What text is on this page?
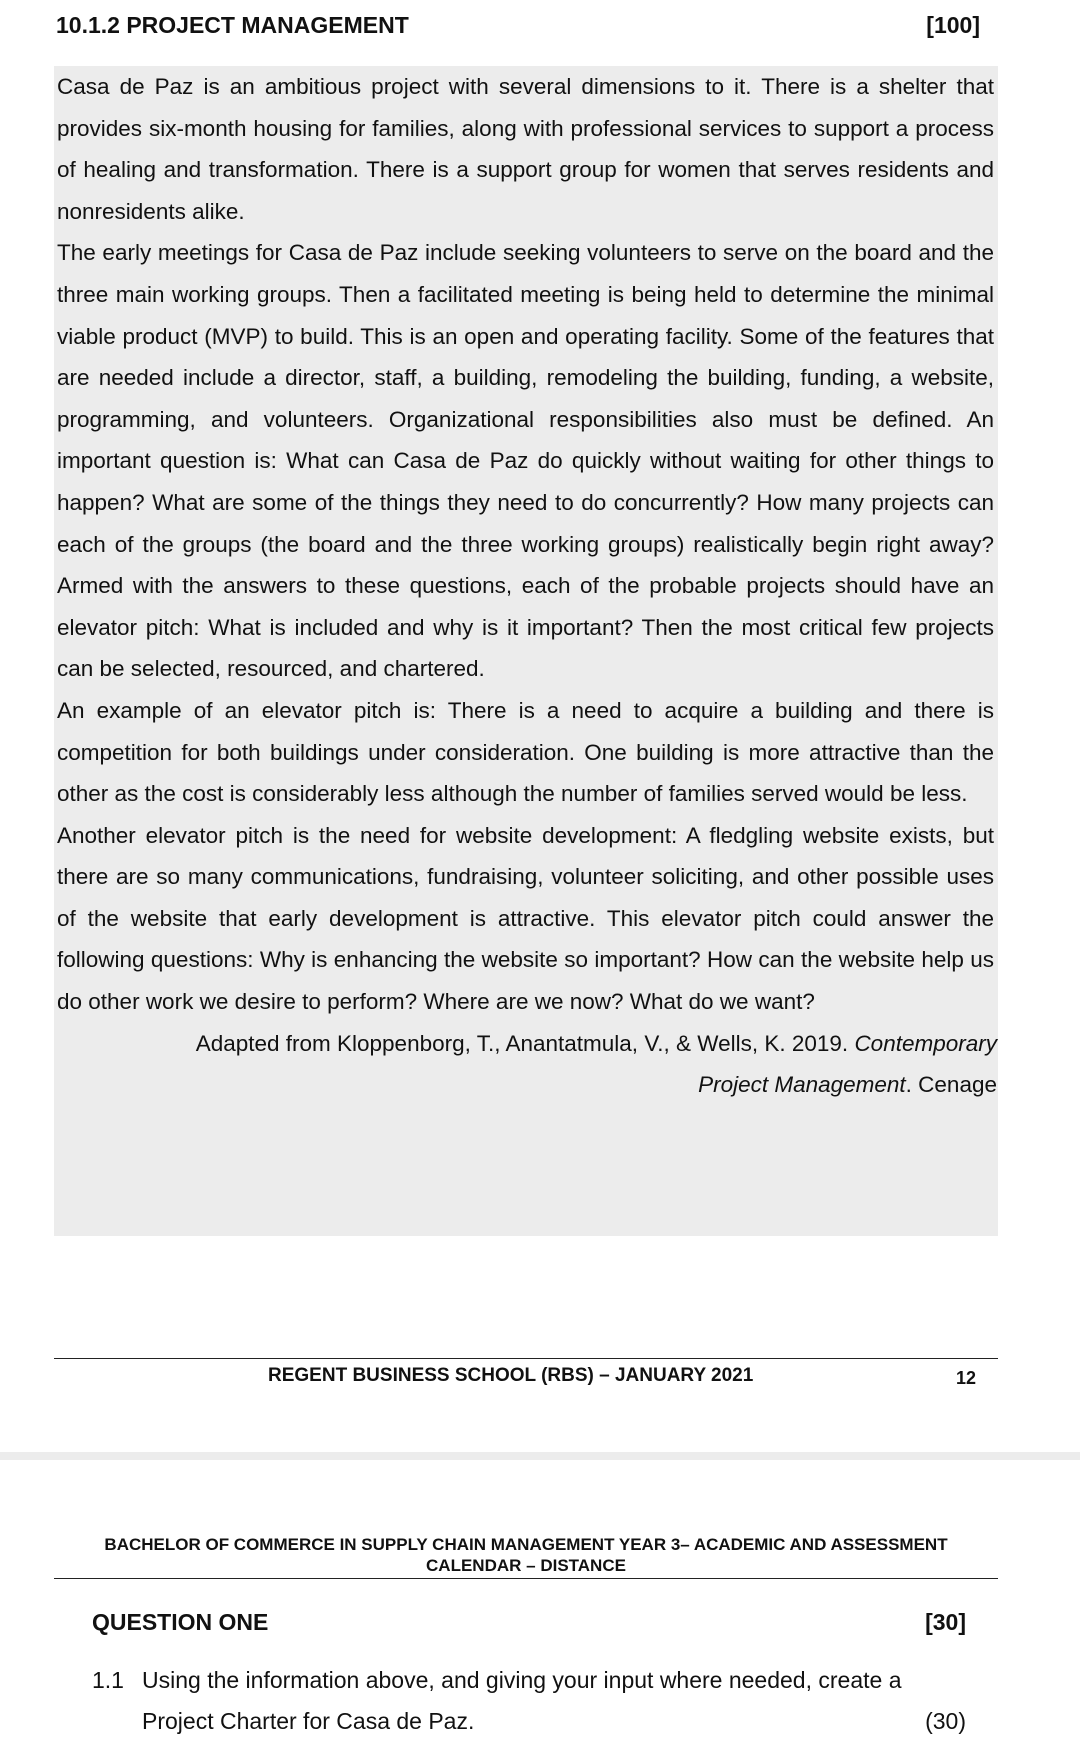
10.1.2 PROJECT MANAGEMENT	[100]

Casa de Paz is an ambitious project with several dimensions to it. There is a shelter that provides six-month housing for families, along with professional services to support a process of healing and transformation. There is a support group for women that serves residents and nonresidents alike.

The early meetings for Casa de Paz include seeking volunteers to serve on the board and the three main working groups. Then a facilitated meeting is being held to determine the minimal viable product (MVP) to build. This is an open and operating facility. Some of the features that are needed include a director, staff, a building, remodeling the building, funding, a website, programming, and volunteers. Organizational responsibilities also must be defined. An important question is: What can Casa de Paz do quickly without waiting for other things to happen? What are some of the things they need to do concurrently? How many projects can each of the groups (the board and the three working groups) realistically begin right away? Armed with the answers to these questions, each of the probable projects should have an elevator pitch: What is included and why is it important? Then the most critical few projects can be selected, resourced, and chartered.

An example of an elevator pitch is: There is a need to acquire a building and there is competition for both buildings under consideration. One building is more attractive than the other as the cost is considerably less although the number of families served would be less.

Another elevator pitch is the need for website development: A fledgling website exists, but there are so many communications, fundraising, volunteer soliciting, and other possible uses of the website that early development is attractive. This elevator pitch could answer the following questions: Why is enhancing the website so important? How can the website help us do other work we desire to perform? Where are we now? What do we want?

Adapted from Kloppenborg, T., Anantatmula, V., & Wells, K. 2019. Contemporary
Project Management. Cenage
REGENT BUSINESS SCHOOL (RBS) – JANUARY 2021	12
BACHELOR OF COMMERCE IN SUPPLY CHAIN MANAGEMENT YEAR 3– ACADEMIC AND ASSESSMENT
CALENDAR – DISTANCE
QUESTION ONE	[30]
1.1 Using the information above, and giving your input where needed, create a Project Charter for Casa de Paz.	(30)
